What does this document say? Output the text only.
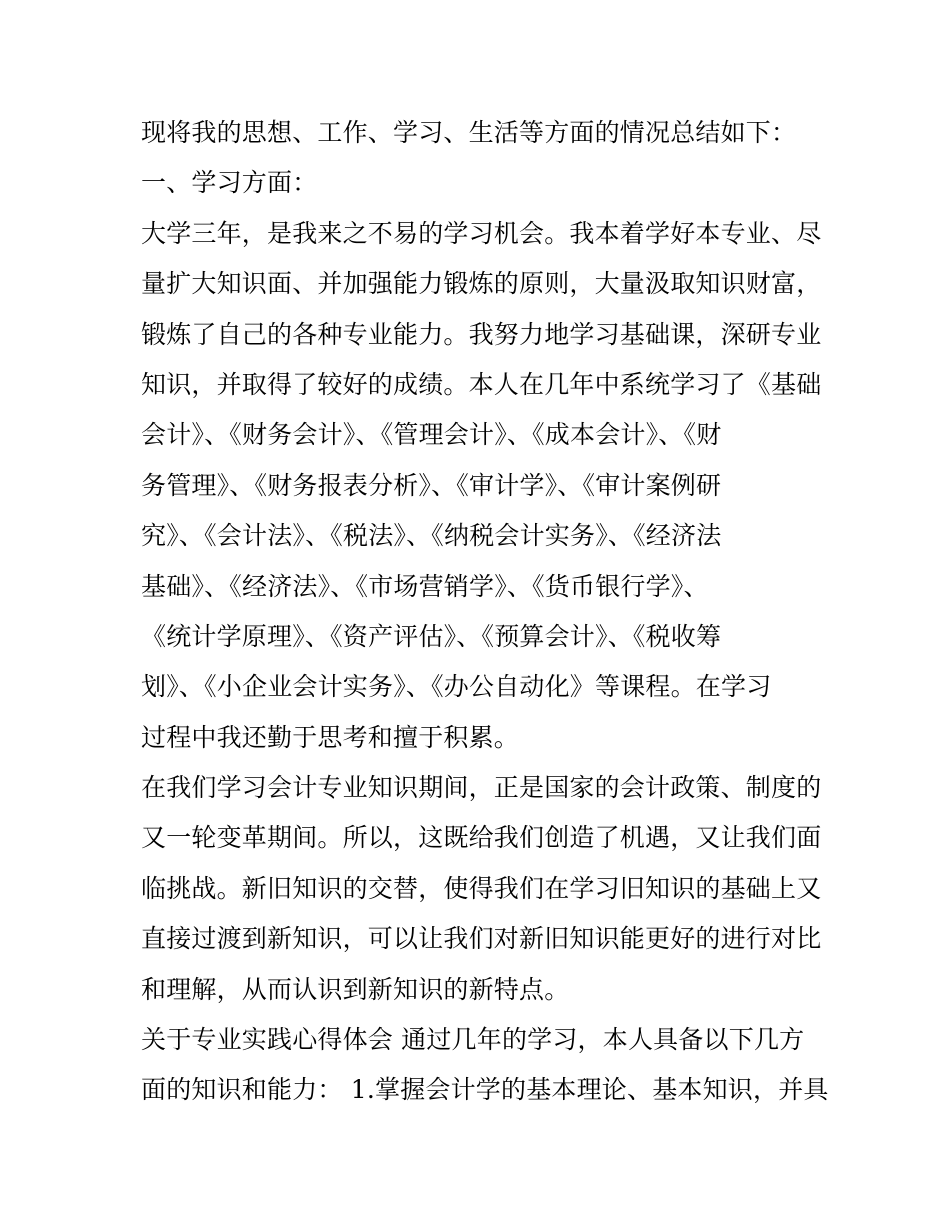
现将我的思想、工作、学习、生活等方面的情况总结如下：
一、学习方面：
大学三年，是我来之不易的学习机会。我本着学好本专业、尽
量扩大知识面、并加强能力锻炼的原则，大量汲取知识财富，
锻炼了自己的各种专业能力。我努力地学习基础课，深研专业
知识，并取得了较好的成绩。本人在几年中系统学习了《基础
会计》、《财务会计》、《管理会计》、《成本会计》、《财
务管理》、《财务报表分析》、《审计学》、《审计案例研
究》、《会计法》、《税法》、《纳税会计实务》、《经济法
基础》、《经济法》、《市场营销学》、《货币银行学》、
《统计学原理》、《资产评估》、《预算会计》、《税收筹
划》、《小企业会计实务》、《办公自动化》等课程。在学习
过程中我还勤于思考和擅于积累。
在我们学习会计专业知识期间，正是国家的会计政策、制度的
又一轮变革期间。所以，这既给我们创造了机遇，又让我们面
临挑战。新旧知识的交替，使得我们在学习旧知识的基础上又
直接过渡到新知识，可以让我们对新旧知识能更好的进行对比
和理解，从而认识到新知识的新特点。
关于专业实践心得体会 通过几年的学习，本人具备以下几方
面的知识和能力： 1.掌握会计学的基本理论、基本知识，并具
